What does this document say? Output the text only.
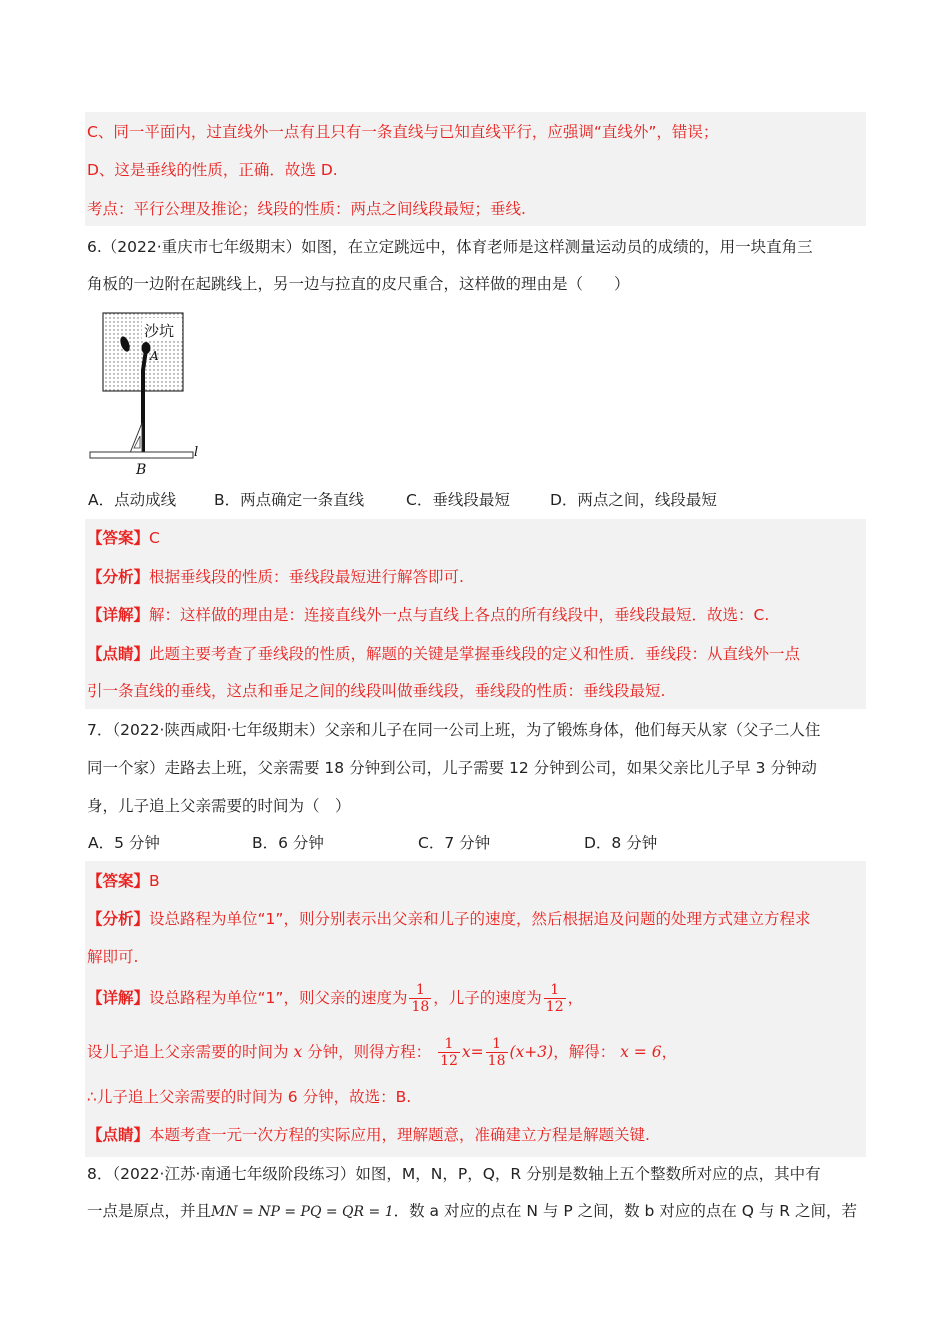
C、同一平面内，过直线外一点有且只有一条直线与已知直线平行，应强调“直线外”，错误；
D、这是垂线的性质，正确．故选 D.
考点：平行公理及推论；线段的性质：两点之间线段最短；垂线.
6.（2022·重庆市七年级期末）如图，在立定跳远中，体育老师是这样测量运动员的成绩的，用一块直角三
角板的一边附在起跳线上，另一边与拉直的皮尺重合，这样做的理由是（　　）
沙坑
A
l
B
A．点动成线 B．两点确定一条直线	C．垂线段最短	D．两点之间，线段最短
【答案】C
【分析】根据垂线段的性质：垂线段最短进行解答即可.
【详解】解：这样做的理由是：连接直线外一点与直线上各点的所有线段中，垂线段最短．故选：C.
【点睛】此题主要考查了垂线段的性质，解题的关键是掌握垂线段的定义和性质．垂线段：从直线外一点
引一条直线的垂线，这点和垂足之间的线段叫做垂线段，垂线段的性质：垂线段最短.
7．（2022·陕西咸阳·七年级期末）父亲和儿子在同一公司上班，为了锻炼身体，他们每天从家（父子二人住
同一个家）走路去上班，父亲需要 18 分钟到公司，儿子需要 12 分钟到公司，如果父亲比儿子早 3 分钟动
身，儿子追上父亲需要的时间为（　）
A．5 分钟	B．6 分钟	C．7 分钟	D．8 分钟
【答案】B
【分析】设总路程为单位“1”，则分别表示出父亲和儿子的速度，然后根据追及问题的处理方式建立方程求
解即可.
【详解】设总路程为单位“1”，则父亲的速度为 $\frac{1}{18}$ ，儿子的速度为 $\frac{1}{12}$ ，
设儿子追上父亲需要的时间为 x 分钟，则得方程： $\frac{1}{12} x= \frac{1}{18} (x+3)$，解得： x = 6，
∴儿子追上父亲需要的时间为 6 分钟，故选：B.
【点睛】本题考查一元一次方程的实际应用，理解题意，准确建立方程是解题关键.
8．（2022·江苏·南通七年级阶段练习）如图，M，N，P，Q，R 分别是数轴上五个整数所对应的点，其中有
一点是原点，并且MN = NP = PQ = QR = 1．数 a 对应的点在 N 与 P 之间，数 b 对应的点在 Q 与 R 之间，若
